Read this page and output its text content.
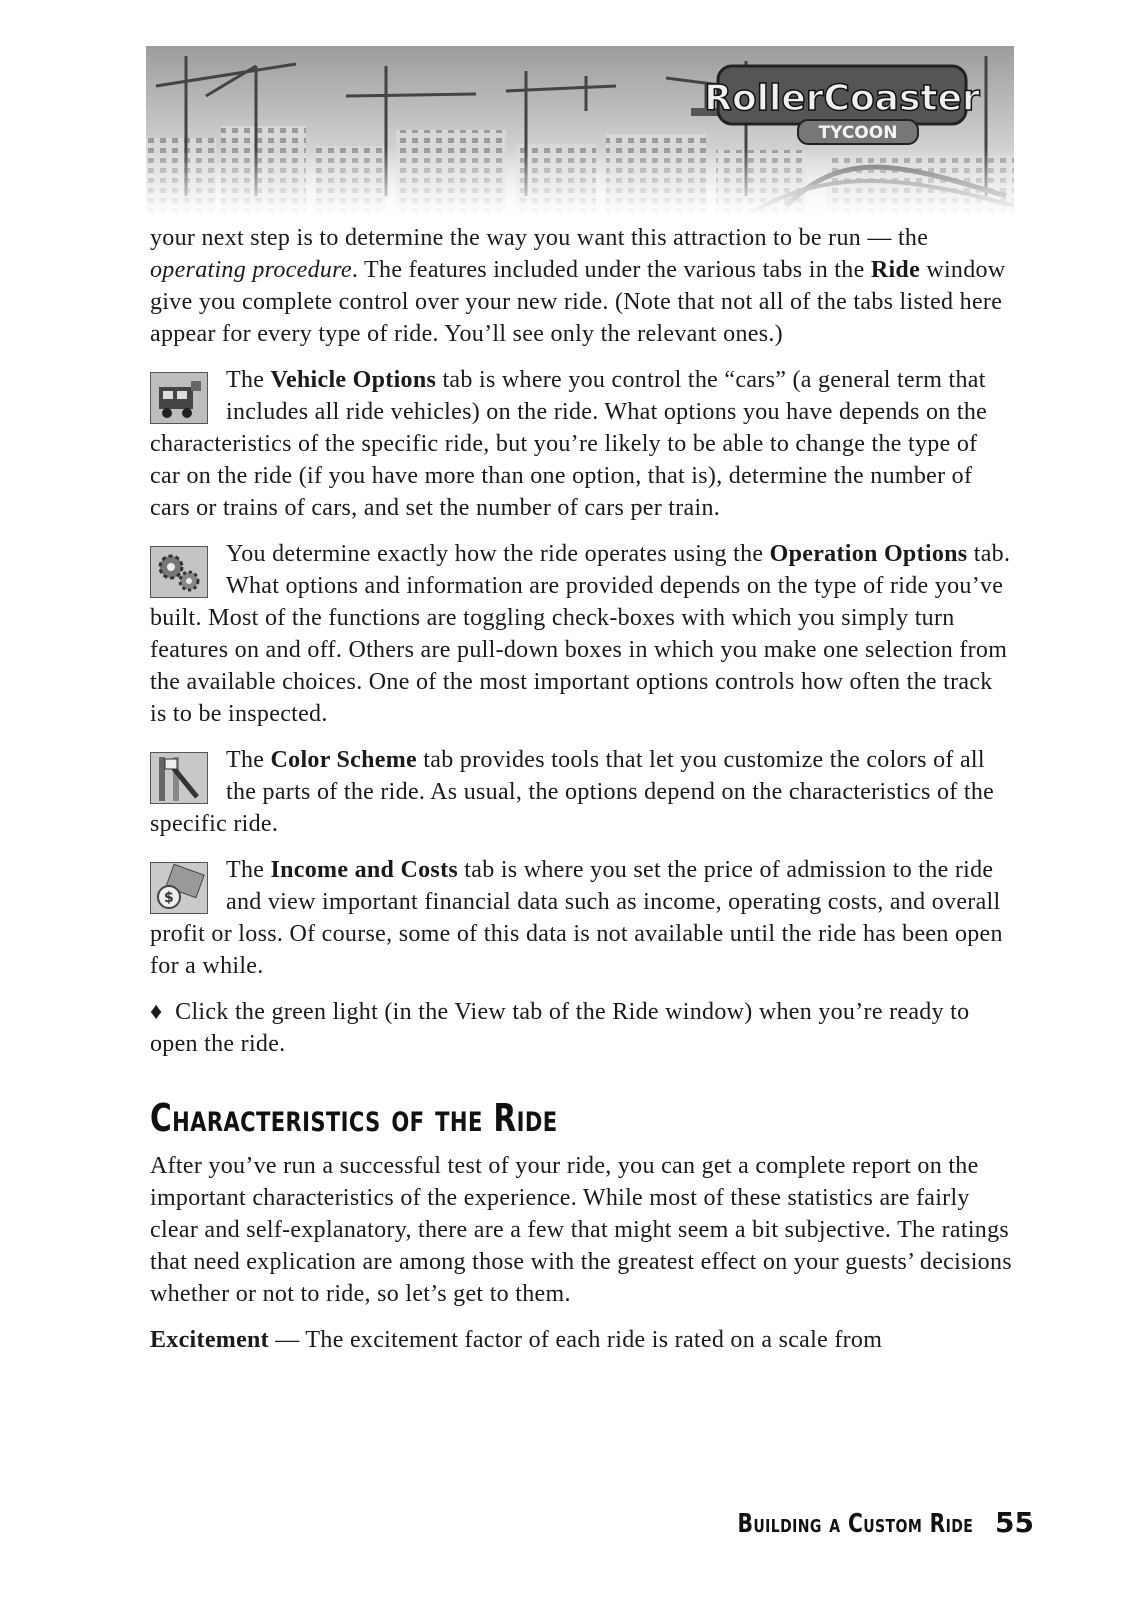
RollerCoaster
TYCOON

your next step is to determine the way you want this attraction to be run — the operating procedure. The features included under the various tabs in the Ride window give you complete control over your new ride. (Note that not all of the tabs listed here appear for every type of ride. You’ll see only the relevant ones.)

The Vehicle Options tab is where you control the “cars” (a general term that includes all ride vehicles) on the ride. What options you have depends on the characteristics of the specific ride, but you’re likely to be able to change the type of car on the ride (if you have more than one option, that is), determine the number of cars or trains of cars, and set the number of cars per train.

You determine exactly how the ride operates using the Operation Options tab. What options and information are provided depends on the type of ride you’ve built. Most of the functions are toggling check-boxes with which you simply turn features on and off. Others are pull-down boxes in which you make one selection from the available choices. One of the most important options controls how often the track is to be inspected.

The Color Scheme tab provides tools that let you customize the colors of all the parts of the ride. As usual, the options depend on the characteristics of the specific ride.

$
The Income and Costs tab is where you set the price of admission to the ride and view important financial data such as income, operating costs, and overall profit or loss. Of course, some of this data is not available until the ride has been open for a while.

♦ Click the green light (in the View tab of the Ride window) when you’re ready to open the ride.

Characteristics of the Ride

After you’ve run a successful test of your ride, you can get a complete report on the important characteristics of the experience. While most of these statistics are fairly clear and self-explanatory, there are a few that might seem a bit subjective. The ratings that need explication are among those with the greatest effect on your guests’ decisions whether or not to ride, so let’s get to them.

Excitement — The excitement factor of each ride is rated on a scale from

Building a Custom Ride 55
